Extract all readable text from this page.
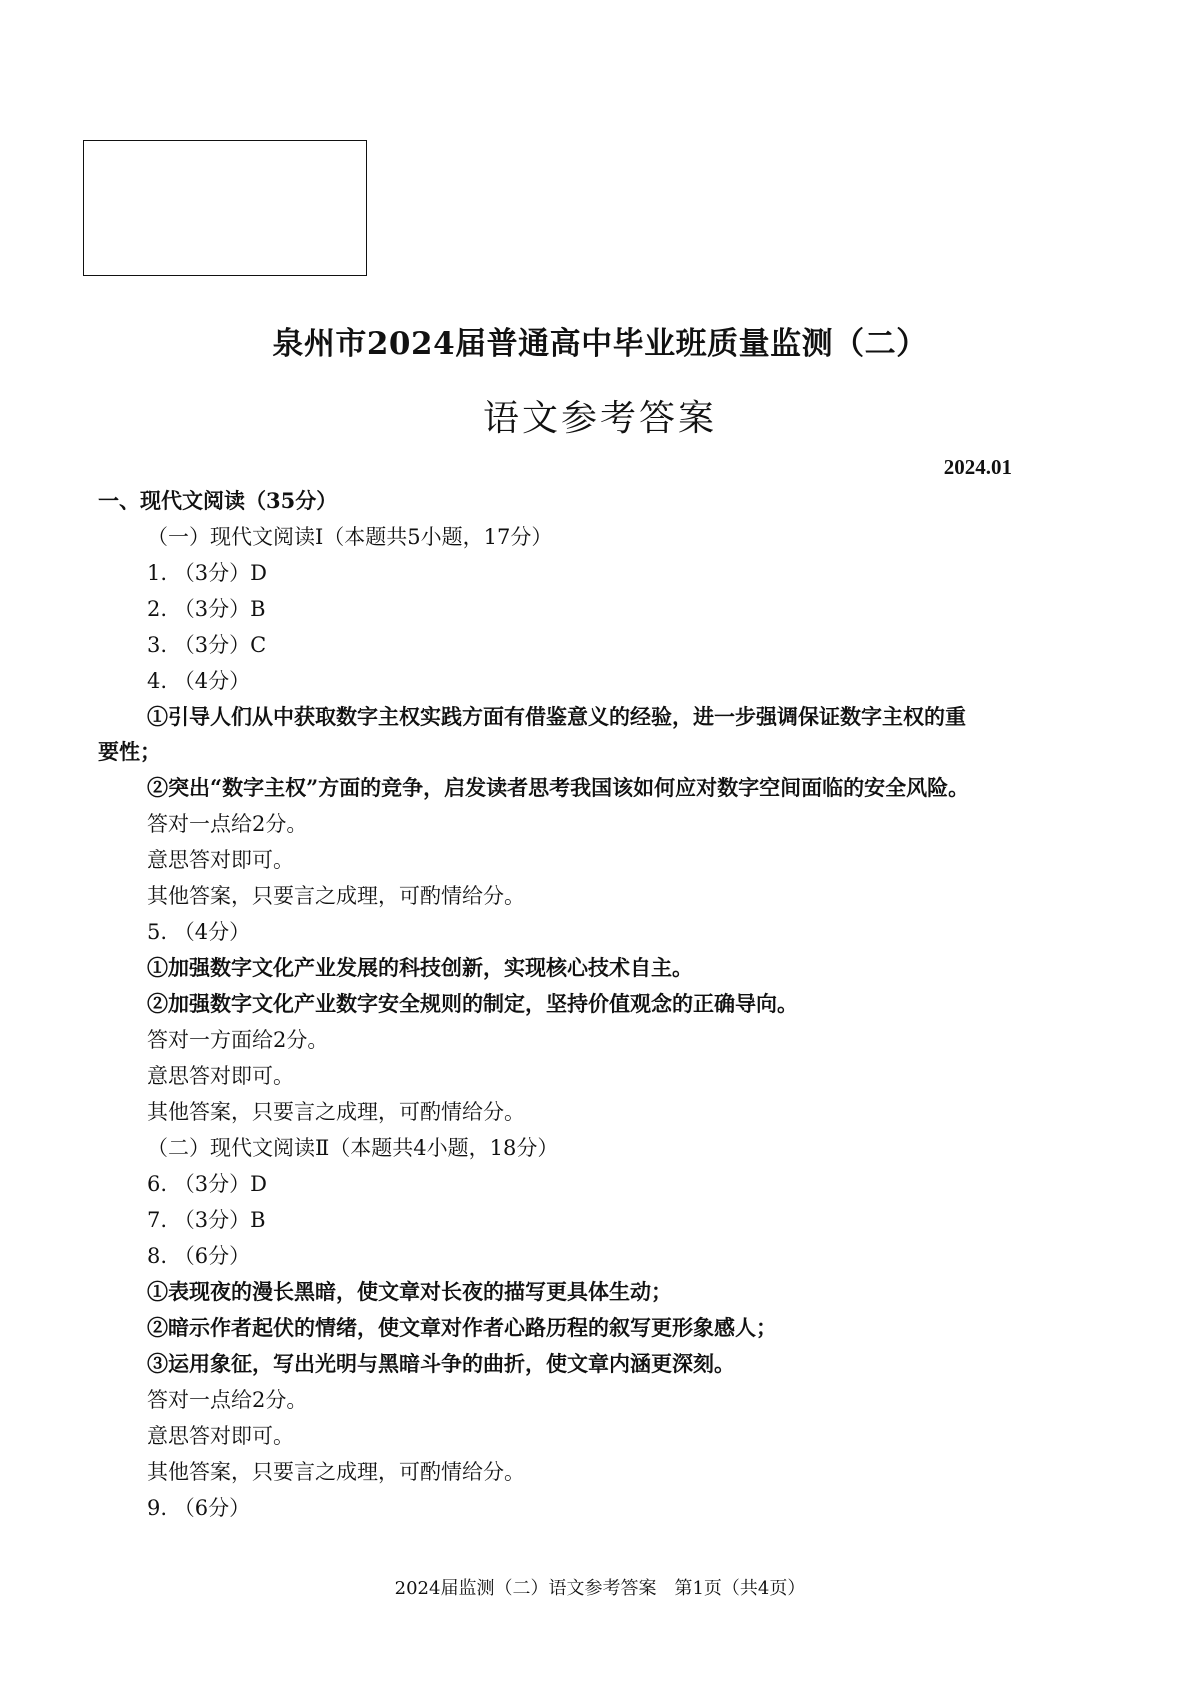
泉州市2024届普通高中毕业班质量监测（二）
语文参考答案
2024.01
一、现代文阅读（35分）
（一）现代文阅读Ⅰ（本题共5小题，17分）
1. （3分）D
2. （3分）B
3. （3分）C
4. （4分）
①引导人们从中获取数字主权实践方面有借鉴意义的经验，进一步强调保证数字主权的重
要性；
②突出“数字主权”方面的竞争，启发读者思考我国该如何应对数字空间面临的安全风险。
答对一点给2分。
意思答对即可。
其他答案，只要言之成理，可酌情给分。
5. （4分）
①加强数字文化产业发展的科技创新，实现核心技术自主。
②加强数字文化产业数字安全规则的制定，坚持价值观念的正确导向。
答对一方面给2分。
意思答对即可。
其他答案，只要言之成理，可酌情给分。
（二）现代文阅读Ⅱ（本题共4小题，18分）
6. （3分）D
7. （3分）B
8. （6分）
①表现夜的漫长黑暗，使文章对长夜的描写更具体生动；
②暗示作者起伏的情绪，使文章对作者心路历程的叙写更形象感人；
③运用象征，写出光明与黑暗斗争的曲折，使文章内涵更深刻。
答对一点给2分。
意思答对即可。
其他答案，只要言之成理，可酌情给分。
9. （6分）
2024届监测（二）语文参考答案　第1页（共4页）
